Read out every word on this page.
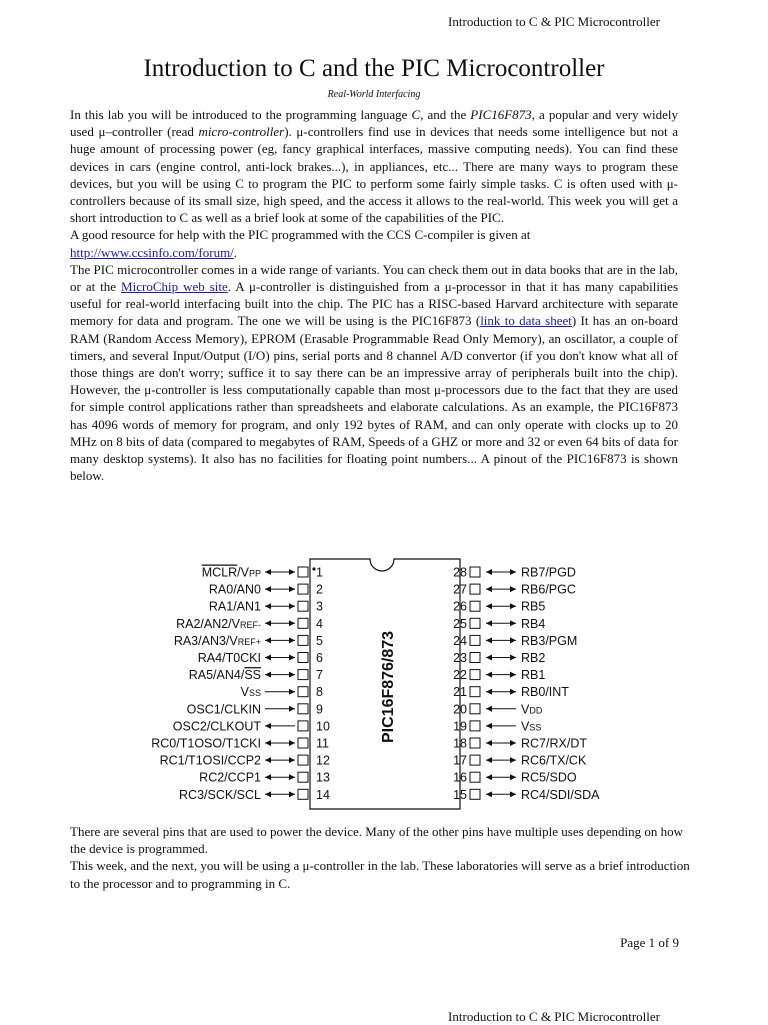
Introduction to C & PIC Microcontroller
Introduction to C and the PIC Microcontroller
Real-World Interfacing

In this lab you will be introduced to the programming language C, and the PIC16F873, a popular and very widely used μ–controller (read micro-controller). μ-controllers find use in devices that needs some intelligence but not a huge amount of processing power (eg, fancy graphical interfaces, massive computing needs). You can find these devices in cars (engine control, anti-lock brakes...), in appliances, etc... There are many ways to program these devices, but you will be using C to program the PIC to perform some fairly simple tasks. C is often used with μ-controllers because of its small size, high speed, and the access it allows to the real-world. This week you will get a short introduction to C as well as a brief look at some of the capabilities of the PIC.

A good resource for help with the PIC programmed with the CCS C-compiler is given at http://www.ccsinfo.com/forum/.

The PIC microcontroller comes in a wide range of variants. You can check them out in data books that are in the lab, or at the MicroChip web site. A μ-controller is distinguished from a μ-processor in that it has many capabilities useful for real-world interfacing built into the chip. The PIC has a RISC-based Harvard architecture with separate memory for data and program. The one we will be using is the PIC16F873 (link to data sheet) It has an on-board RAM (Random Access Memory), EPROM (Erasable Programmable Read Only Memory), an oscillator, a couple of timers, and several Input/Output (I/O) pins, serial ports and 8 channel A/D convertor (if you don't know what all of those things are don't worry; suffice it to say there can be an impressive array of peripherals built into the chip). However, the μ-controller is less computationally capable than most μ-processors due to the fact that they are used for simple control applications rather than spreadsheets and elaborate calculations. As an example, the PIC16F873 has 4096 words of memory for program, and only 192 bytes of RAM, and can only operate with clocks up to 20 MHz on 8 bits of data (compared to megabytes of RAM, Speeds of a GHZ or more and 32 or even 64 bits of data for many desktop systems). It also has no facilities for floating point numbers... A pinout of the PIC16F873 is shown below.

PIC16F876/873
MCLR/VPP	1
RA0/AN0	2
RA1/AN1	3
RA2/AN2/VREF-	4
RA3/AN3/VREF+	5
RA4/T0CKI	6
RA5/AN4/SS	7
VSS	8
OSC1/CLKIN	9
OSC2/CLKOUT	10
RC0/T1OSO/T1CKI	11
RC1/T1OSI/CCP2	12
RC2/CCP1	13
RC3/SCK/SCL	14
28	RB7/PGD
27	RB6/PGC
26	RB5
25	RB4
24	RB3/PGM
23	RB2
22	RB1
21	RB0/INT
20	VDD
19	VSS
18	RC7/RX/DT
17	RC6/TX/CK
16	RC5/SDO
15	RC4/SDI/SDA

There are several pins that are used to power the device. Many of the other pins have multiple uses depending on how the device is programmed.

This week, and the next, you will be using a μ-controller in the lab. These laboratories will serve as a brief introduction to the processor and to programming in C.

Page 1 of 9
Introduction to C & PIC Microcontroller
